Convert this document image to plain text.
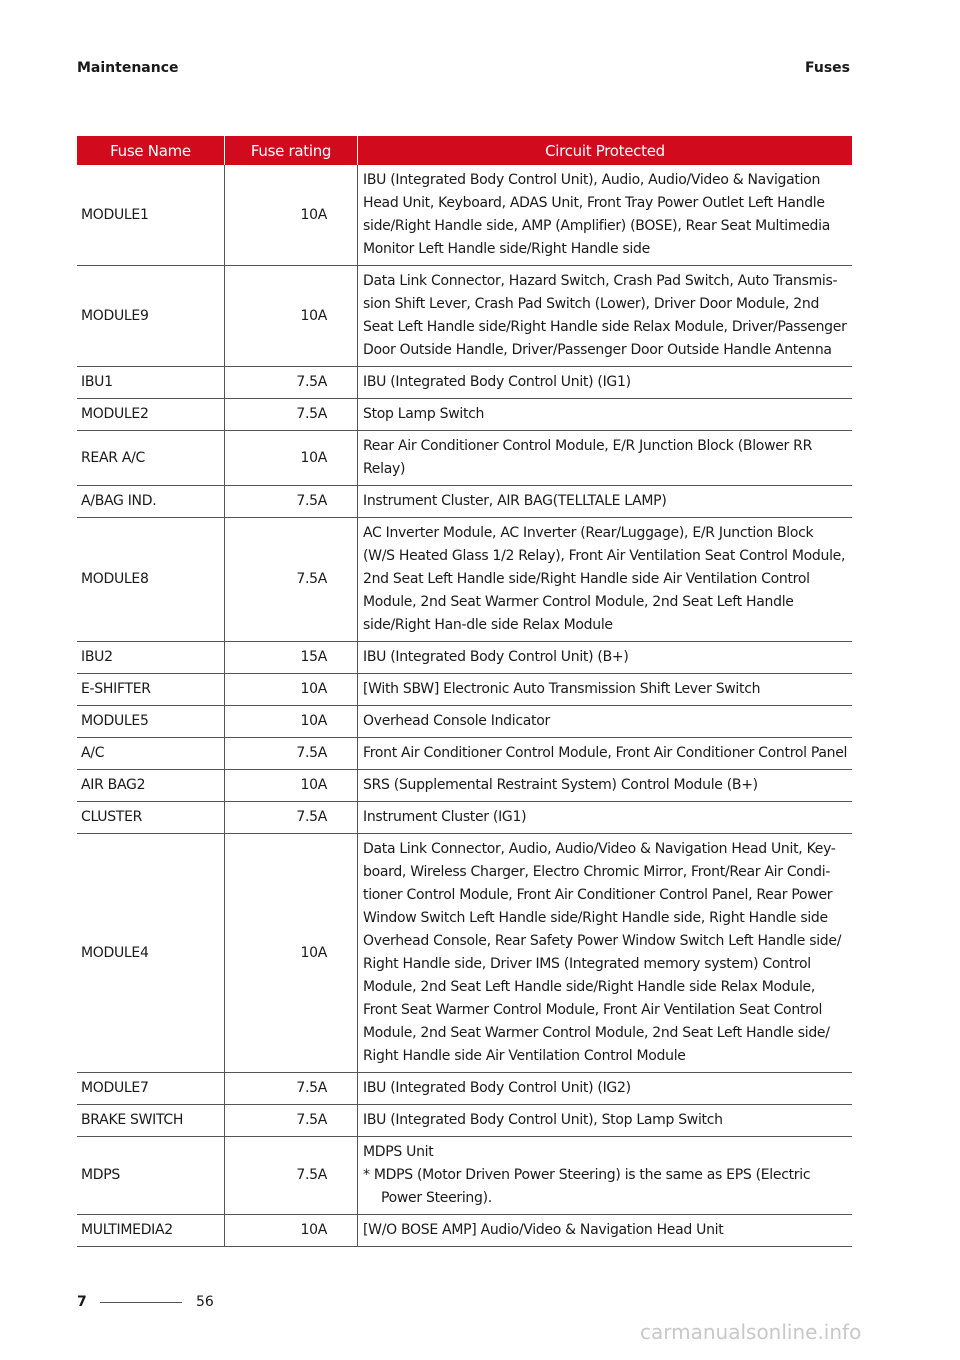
Maintenance	Fuses
Fuse Name	Fuse rating	Circuit Protected
MODULE1	10A	IBU (Integrated Body Control Unit), Audio, Audio/Video & Navigation Head Unit, Keyboard, ADAS Unit, Front Tray Power Outlet Left Handle side/Right Handle side, AMP (Amplifier) (BOSE), Rear Seat Multimedia Monitor Left Handle side/Right Handle side

MODULE9	10A	Data Link Connector, Hazard Switch, Crash Pad Switch, Auto Transmis-sion Shift Lever, Crash Pad Switch (Lower), Driver Door Module, 2nd Seat Left Handle side/Right Handle side Relax Module, Driver/Passenger Door Outside Handle, Driver/Passenger Door Outside Handle Antenna

IBU1	7.5A	IBU (Integrated Body Control Unit) (IG1)

MODULE2	7.5A	Stop Lamp Switch

REAR A/C	10A	Rear Air Conditioner Control Module, E/R Junction Block (Blower RR Relay)

A/BAG IND.	7.5A	Instrument Cluster, AIR BAG(TELLTALE LAMP)

MODULE8	7.5A	AC Inverter Module, AC Inverter (Rear/Luggage), E/R Junction Block (W/S Heated Glass 1/2 Relay), Front Air Ventilation Seat Control Module, 2nd Seat Left Handle side/Right Handle side Air Ventilation Control Module, 2nd Seat Warmer Control Module, 2nd Seat Left Handle side/Right Han-dle side Relax Module

IBU2	15A	IBU (Integrated Body Control Unit) (B+)

E-SHIFTER	10A	[With SBW] Electronic Auto Transmission Shift Lever Switch

MODULE5	10A	Overhead Console Indicator

A/C	7.5A	Front Air Conditioner Control Module, Front Air Conditioner Control Panel

AIR BAG2	10A	SRS (Supplemental Restraint System) Control Module (B+)

CLUSTER	7.5A	Instrument Cluster (IG1)

MODULE4	10A	Data Link Connector, Audio, Audio/Video & Navigation Head Unit, Key-board, Wireless Charger, Electro Chromic Mirror, Front/Rear Air Condi-tioner Control Module, Front Air Conditioner Control Panel, Rear Power Window Switch Left Handle side/Right Handle side, Right Handle side Overhead Console, Rear Safety Power Window Switch Left Handle side/ Right Handle side, Driver IMS (Integrated memory system) Control Module, 2nd Seat Left Handle side/Right Handle side Relax Module, Front Seat Warmer Control Module, Front Air Ventilation Seat Control Module, 2nd Seat Warmer Control Module, 2nd Seat Left Handle side/ Right Handle side Air Ventilation Control Module

MODULE7	7.5A	IBU (Integrated Body Control Unit) (IG2)

BRAKE SWITCH	7.5A	IBU (Integrated Body Control Unit), Stop Lamp Switch

MDPS	7.5A	MDPS Unit
* MDPS (Motor Driven Power Steering) is the same as EPS (Electric Power Steering).

MULTIMEDIA2	10A	[W/O BOSE AMP] Audio/Video & Navigation Head Unit
7	56
carmanualsonline.info
